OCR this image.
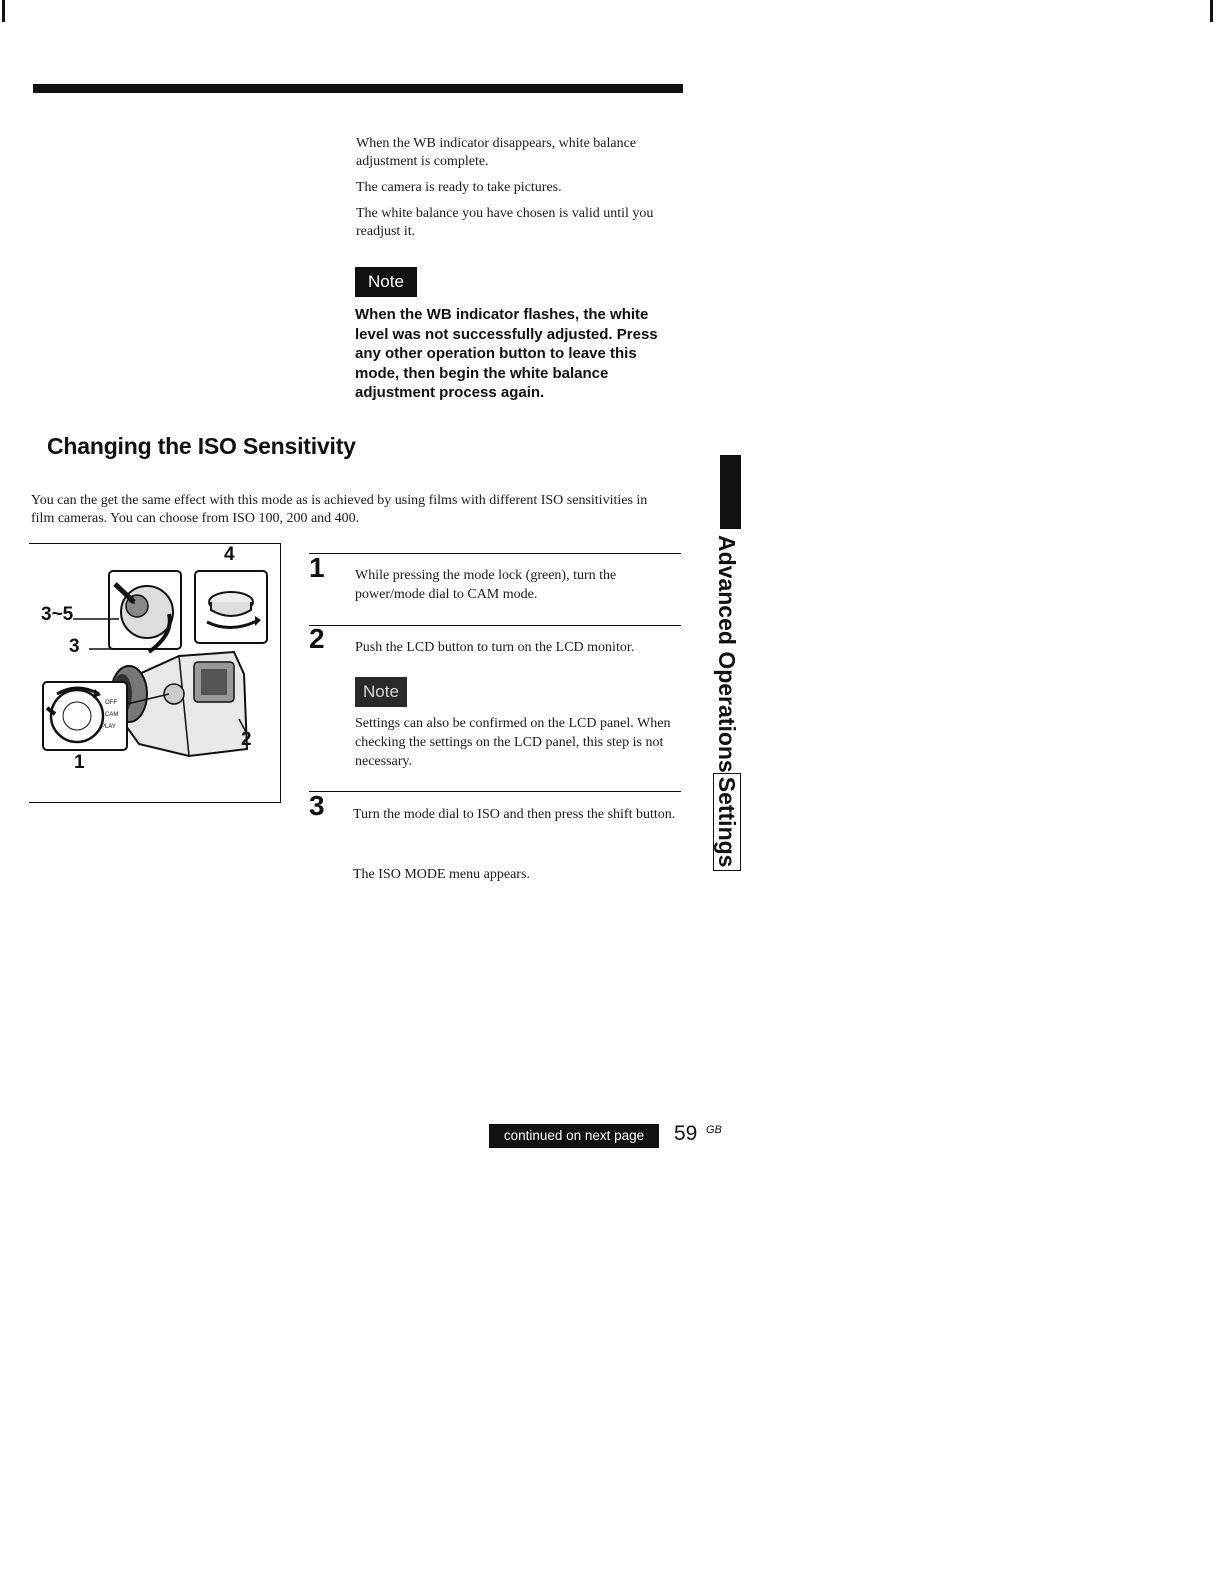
When the WB indicator disappears, white balance adjustment is complete.
The camera is ready to take pictures.
The white balance you have chosen is valid until you readjust it.
Note
When the WB indicator flashes, the white level was not successfully adjusted. Press any other operation button to leave this mode, then begin the white balance adjustment process again.
Changing the ISO Sensitivity
You can the get the same effect with this mode as is achieved by using films with different ISO sensitivities in film cameras. You can choose from ISO 100, 200 and 400.
OFF
CAM
PLAY
4
3~5
3
2
1
1 While pressing the mode lock (green), turn the power/mode dial to CAM mode.
2 Push the LCD button to turn on the LCD monitor.
Note
Settings can also be confirmed on the LCD panel. When checking the settings on the LCD panel, this step is not necessary.
3 Turn the mode dial to ISO and then press the shift button.
The ISO MODE menu appears.
Advanced OperationsSettings
continued on next page	59 GB
